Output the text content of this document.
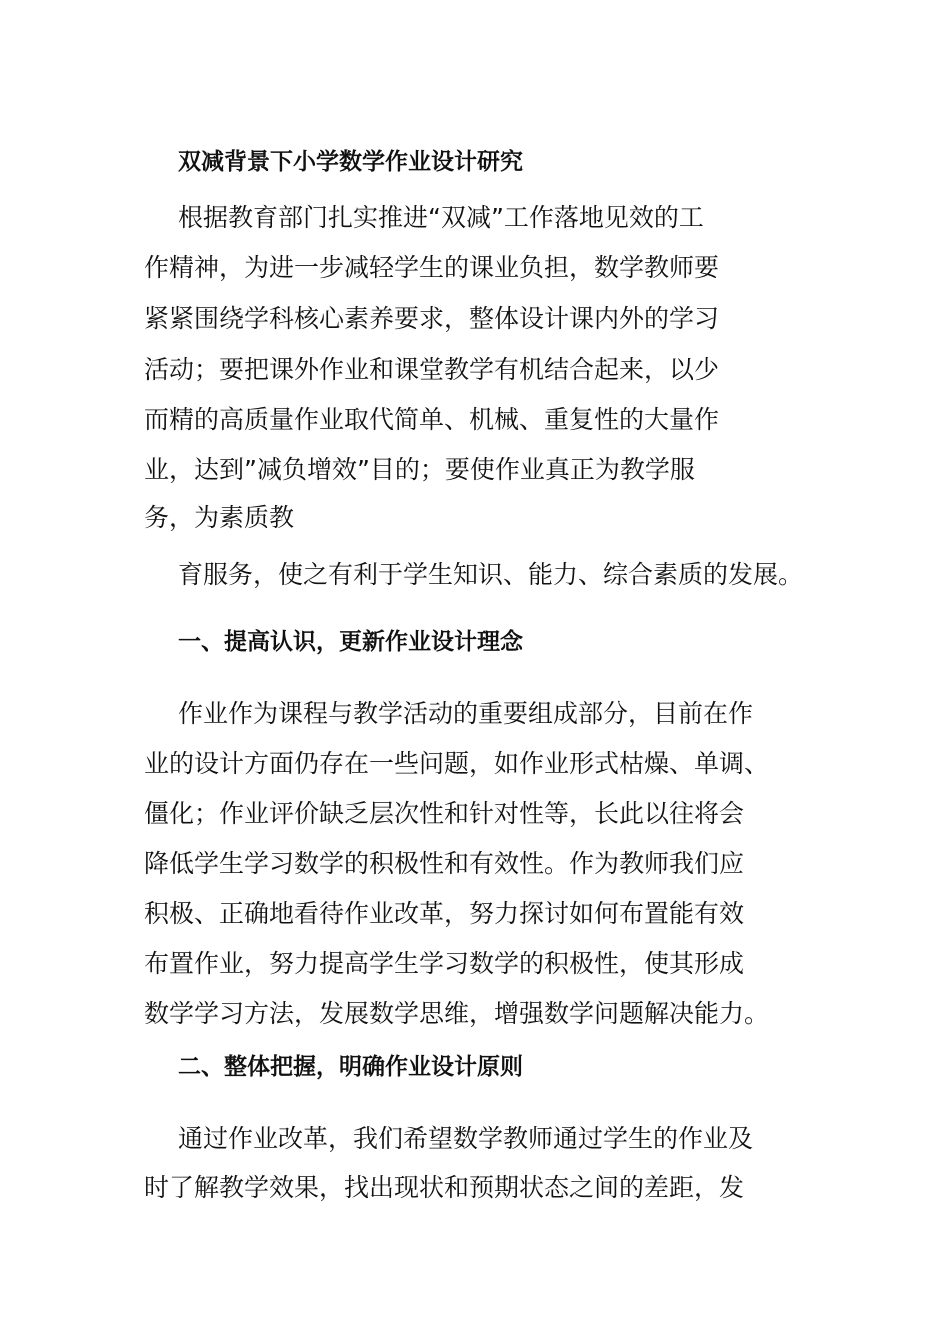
双减背景下小学数学作业设计研究

根据教育部门扎实推进“双减”工作落地见效的工

作精神，为进一步减轻学生的课业负担，数学教师要

紧紧围绕学科核心素养要求，整体设计课内外的学习

活动；要把课外作业和课堂教学有机结合起来，以少

而精的高质量作业取代简单、机械、重复性的大量作

业，达到”减负增效”目的；要使作业真正为教学服

务，为素质教

育服务，使之有利于学生知识、能力、综合素质的发展。

一、提高认识，更新作业设计理念

作业作为课程与教学活动的重要组成部分，目前在作

业的设计方面仍存在一些问题，如作业形式枯燥、单调、

僵化；作业评价缺乏层次性和针对性等，长此以往将会

降低学生学习数学的积极性和有效性。作为教师我们应

积极、正确地看待作业改革，努力探讨如何布置能有效

布置作业，努力提高学生学习数学的积极性，使其形成

数学学习方法，发展数学思维，增强数学问题解决能力。

二、整体把握，明确作业设计原则

通过作业改革，我们希望数学教师通过学生的作业及

时了解教学效果，找出现状和预期状态之间的差距，发
